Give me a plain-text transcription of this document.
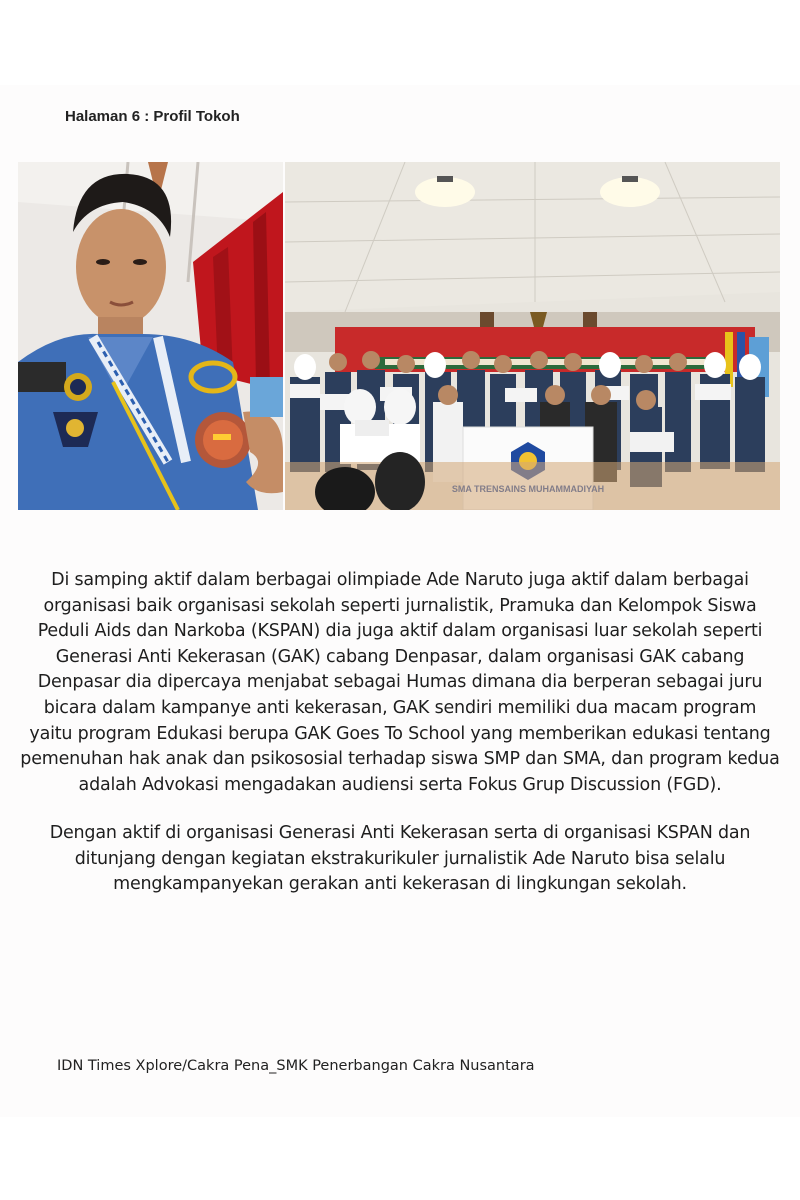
Halaman 6 : Profil Tokoh
Di samping aktif dalam berbagai olimpiade Ade Naruto juga aktif dalam berbagai organisasi baik organisasi sekolah seperti jurnalistik, Pramuka dan Kelompok Siswa Peduli Aids dan Narkoba (KSPAN) dia juga aktif dalam organisasi luar sekolah seperti Generasi Anti Kekerasan (GAK) cabang Denpasar, dalam organisasi GAK cabang Denpasar dia dipercaya menjabat sebagai Humas dimana dia berperan sebagai juru bicara dalam kampanye anti kekerasan, GAK sendiri memiliki dua macam program yaitu program Edukasi berupa GAK Goes To School yang memberikan edukasi tentang pemenuhan hak anak dan psikososial terhadap siswa SMP dan SMA, dan program kedua adalah Advokasi mengadakan audiensi serta Fokus Grup Discussion (FGD).
Dengan aktif di organisasi Generasi Anti Kekerasan serta di organisasi KSPAN dan ditunjang dengan kegiatan ekstrakurikuler jurnalistik Ade Naruto bisa selalu mengkampanyekan gerakan anti kekerasan di lingkungan sekolah.
IDN Times Xplore/Cakra Pena_SMK Penerbangan Cakra Nusantara
